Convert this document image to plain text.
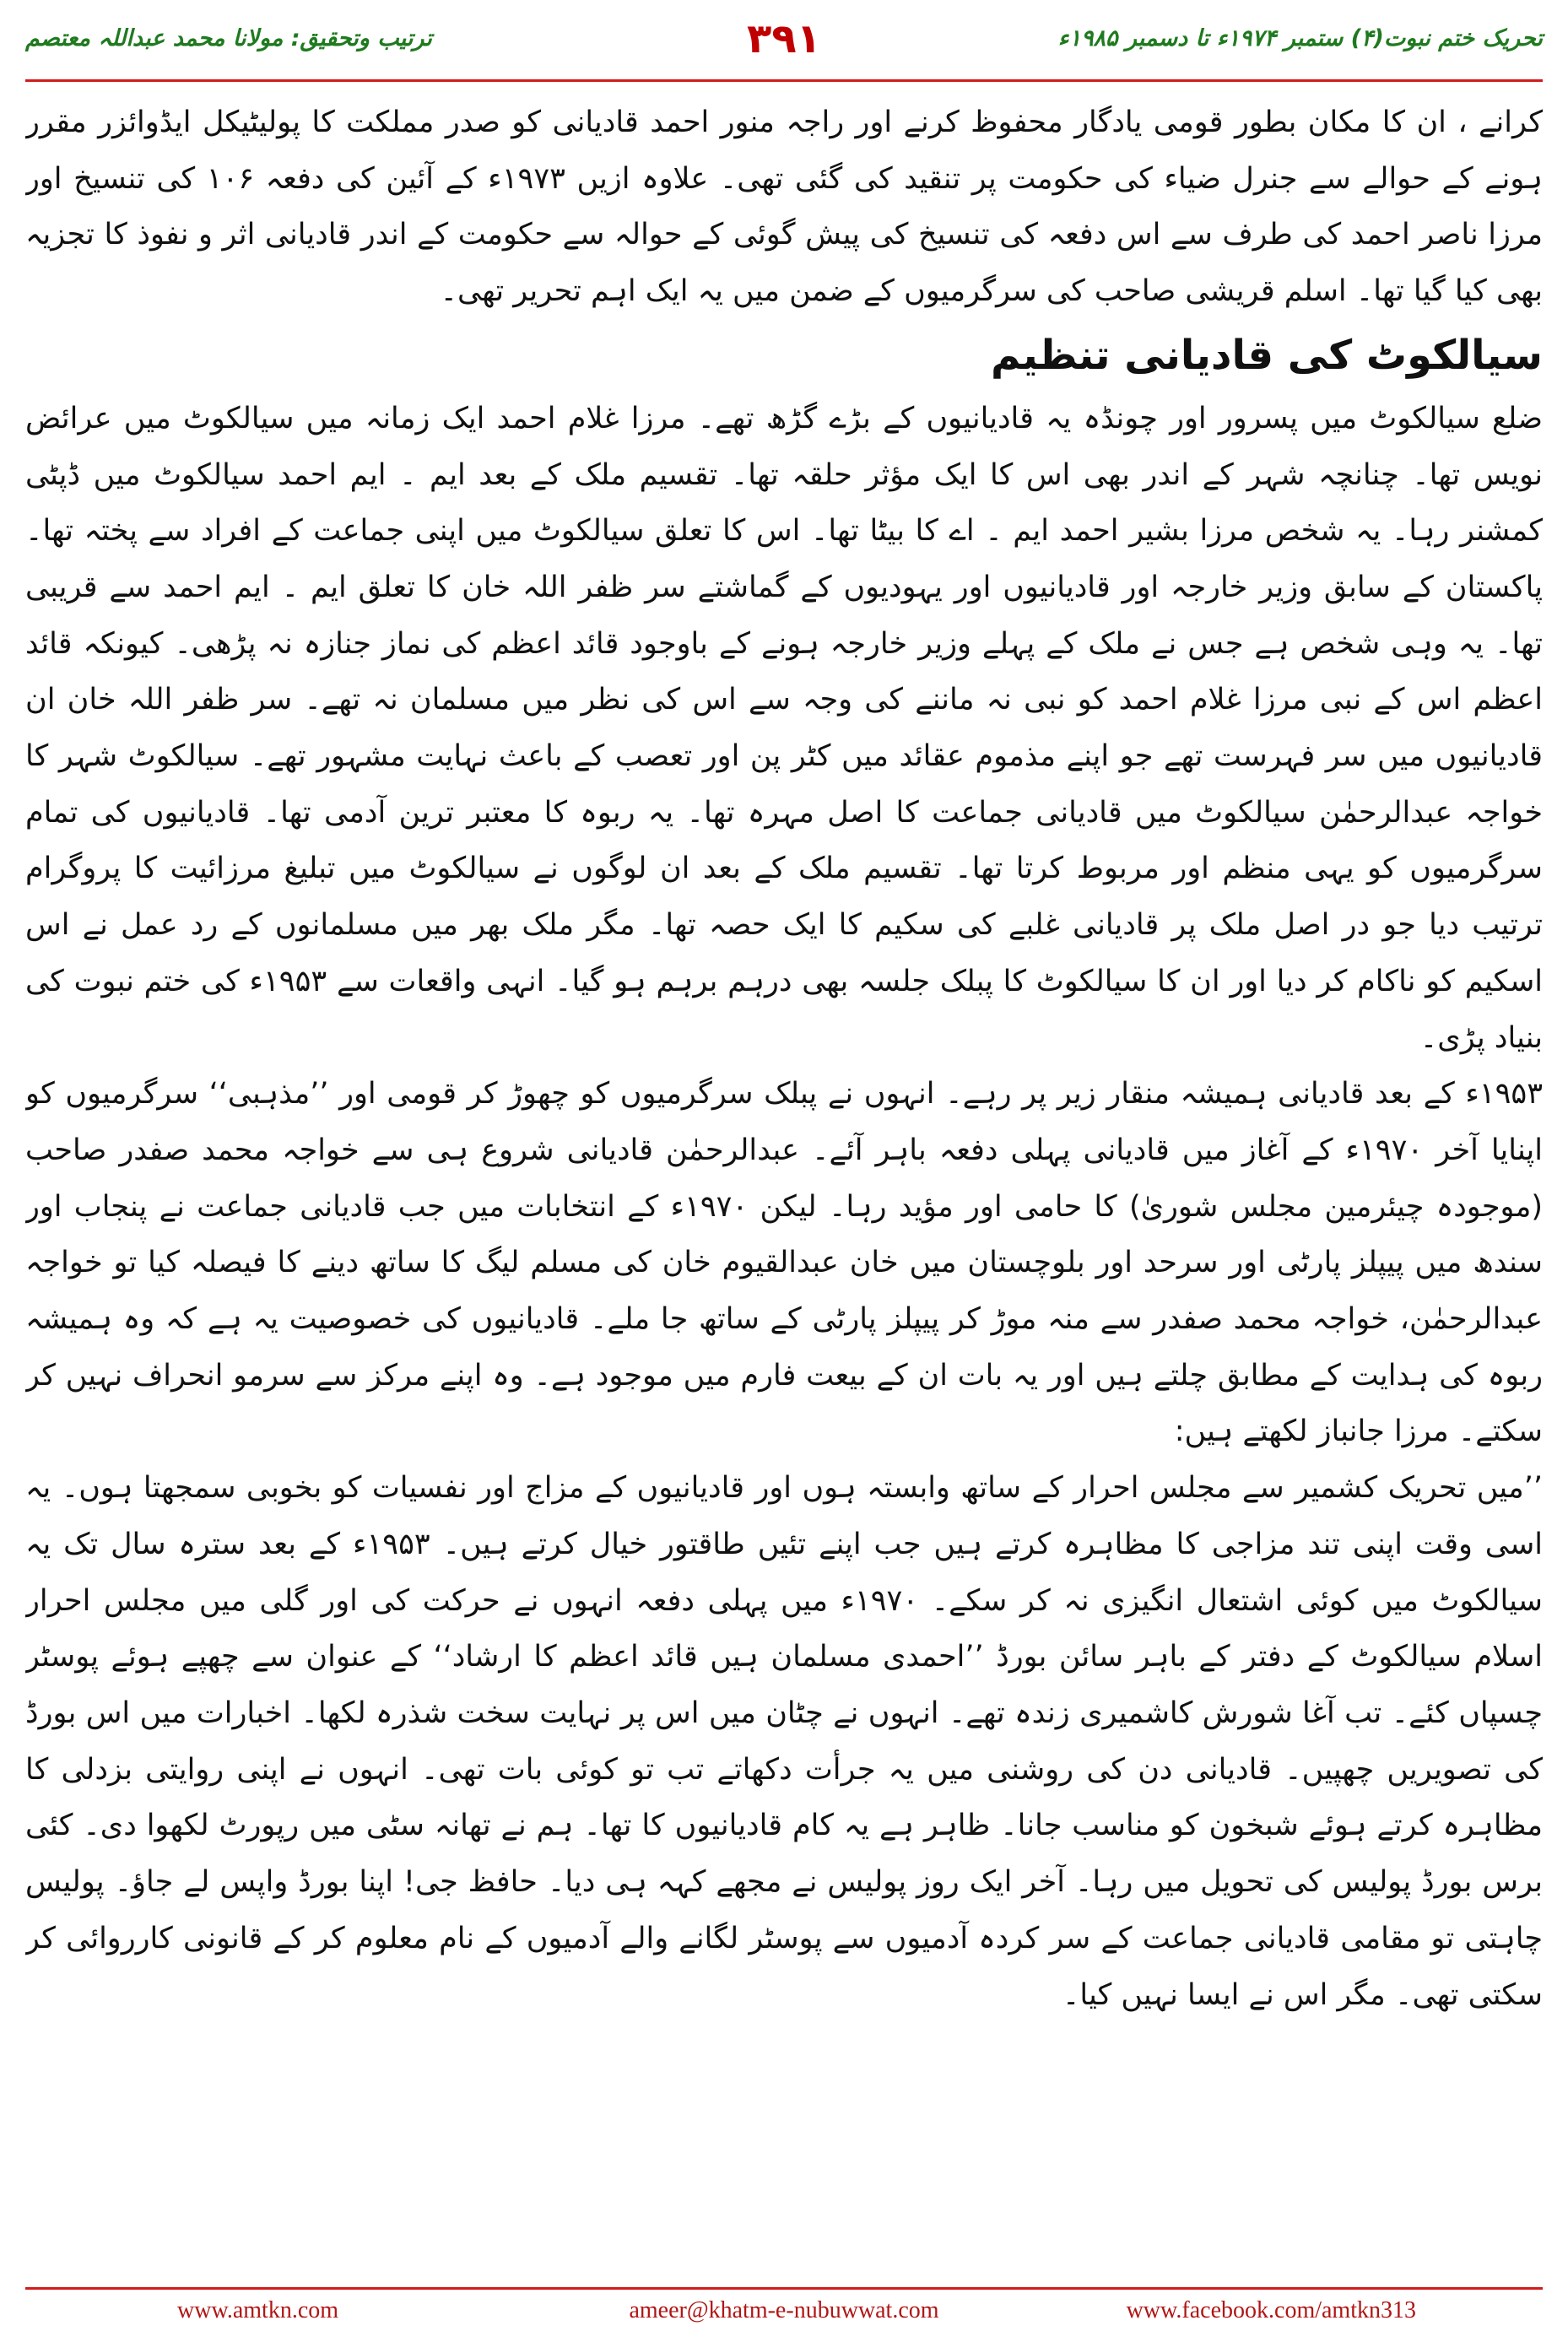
تحریک ختم نبوت(۴) ستمبر ۱۹۷۴ء تا دسمبر ۱۹۸۵ء
۳۹۱
ترتیب وتحقیق: مولانا محمد عبداللہ معتصم

کرانے ، ان کا مکان بطور قومی یادگار محفوظ کرنے اور راجہ منور احمد قادیانی کو صدر مملکت کا پولیٹیکل ایڈوائزر مقرر ہونے کے حوالے سے جنرل ضیاء کی حکومت پر تنقید کی گئی تھی۔ علاوہ ازیں ۱۹۷۳ء کے آئین کی دفعہ ۱۰۶ کی تنسیخ اور مرزا ناصر احمد کی طرف سے اس دفعہ کی تنسیخ کی پیش گوئی کے حوالہ سے حکومت کے اندر قادیانی اثر و نفوذ کا تجزیہ بھی کیا گیا تھا۔ اسلم قریشی صاحب کی سرگرمیوں کے ضمن میں یہ ایک اہم تحریر تھی۔

سیالکوٹ کی قادیانی تنظیم

ضلع سیالکوٹ میں پسرور اور چونڈہ یہ قادیانیوں کے بڑے گڑھ تھے۔ مرزا غلام احمد ایک زمانہ میں سیالکوٹ میں عرائض نویس تھا۔ چنانچہ شہر کے اندر بھی اس کا ایک مؤثر حلقہ تھا۔ تقسیم ملک کے بعد ایم ۔ ایم احمد سیالکوٹ میں ڈپٹی کمشنر رہا۔ یہ شخص مرزا بشیر احمد ایم ۔ اے کا بیٹا تھا۔ اس کا تعلق سیالکوٹ میں اپنی جماعت کے افراد سے پختہ تھا۔ پاکستان کے سابق وزیر خارجہ اور قادیانیوں اور یہودیوں کے گماشتے سر ظفر اللہ خان کا تعلق ایم ۔ ایم احمد سے قریبی تھا۔ یہ وہی شخص ہے جس نے ملک کے پہلے وزیر خارجہ ہونے کے باوجود قائد اعظم کی نماز جنازہ نہ پڑھی۔ کیونکہ قائد اعظم اس کے نبی مرزا غلام احمد کو نبی نہ ماننے کی وجہ سے اس کی نظر میں مسلمان نہ تھے۔ سر ظفر اللہ خان ان قادیانیوں میں سر فہرست تھے جو اپنے مذموم عقائد میں کٹر پن اور تعصب کے باعث نہایت مشہور تھے۔ سیالکوٹ شہر کا خواجہ عبدالرحمٰن سیالکوٹ میں قادیانی جماعت کا اصل مہرہ تھا۔ یہ ربوہ کا معتبر ترین آدمی تھا۔ قادیانیوں کی تمام سرگرمیوں کو یہی منظم اور مربوط کرتا تھا۔ تقسیم ملک کے بعد ان لوگوں نے سیالکوٹ میں تبلیغ مرزائیت کا پروگرام ترتیب دیا جو در اصل ملک پر قادیانی غلبے کی سکیم کا ایک حصہ تھا۔ مگر ملک بھر میں مسلمانوں کے رد عمل نے اس اسکیم کو ناکام کر دیا اور ان کا سیالکوٹ کا پبلک جلسہ بھی درہم برہم ہو گیا۔ انہی واقعات سے ۱۹۵۳ء کی ختم نبوت کی بنیاد پڑی۔

۱۹۵۳ء کے بعد قادیانی ہمیشہ منقار زیر پر رہے۔ انہوں نے پبلک سرگرمیوں کو چھوڑ کر قومی اور ’’مذہبی‘‘ سرگرمیوں کو اپنایا آخر ۱۹۷۰ء کے آغاز میں قادیانی پہلی دفعہ باہر آئے۔ عبدالرحمٰن قادیانی شروع ہی سے خواجہ محمد صفدر صاحب (موجودہ چیئرمین مجلس شوریٰ) کا حامی اور مؤید رہا۔ لیکن ۱۹۷۰ء کے انتخابات میں جب قادیانی جماعت نے پنجاب اور سندھ میں پیپلز پارٹی اور سرحد اور بلوچستان میں خان عبدالقیوم خان کی مسلم لیگ کا ساتھ دینے کا فیصلہ کیا تو خواجہ عبدالرحمٰن، خواجہ محمد صفدر سے منہ موڑ کر پیپلز پارٹی کے ساتھ جا ملے۔ قادیانیوں کی خصوصیت یہ ہے کہ وہ ہمیشہ ربوہ کی ہدایت کے مطابق چلتے ہیں اور یہ بات ان کے بیعت فارم میں موجود ہے۔ وہ اپنے مرکز سے سرمو انحراف نہیں کر سکتے۔ مرزا جانباز لکھتے ہیں:

’’میں تحریک کشمیر سے مجلس احرار کے ساتھ وابستہ ہوں اور قادیانیوں کے مزاج اور نفسیات کو بخوبی سمجھتا ہوں۔ یہ اسی وقت اپنی تند مزاجی کا مظاہرہ کرتے ہیں جب اپنے تئیں طاقتور خیال کرتے ہیں۔ ۱۹۵۳ء کے بعد سترہ سال تک یہ سیالکوٹ میں کوئی اشتعال انگیزی نہ کر سکے۔ ۱۹۷۰ء میں پہلی دفعہ انہوں نے حرکت کی اور گلی میں مجلس احرار اسلام سیالکوٹ کے دفتر کے باہر سائن بورڈ ’’احمدی مسلمان ہیں قائد اعظم کا ارشاد‘‘ کے عنوان سے چھپے ہوئے پوسٹر چسپاں کئے۔ تب آغا شورش کاشمیری زندہ تھے۔ انہوں نے چٹان میں اس پر نہایت سخت شذرہ لکھا۔ اخبارات میں اس بورڈ کی تصویریں چھپیں۔ قادیانی دن کی روشنی میں یہ جرأت دکھاتے تب تو کوئی بات تھی۔ انہوں نے اپنی روایتی بزدلی کا مظاہرہ کرتے ہوئے شبخون کو مناسب جانا۔ ظاہر ہے یہ کام قادیانیوں کا تھا۔ ہم نے تھانہ سٹی میں رپورٹ لکھوا دی۔ کئی برس بورڈ پولیس کی تحویل میں رہا۔ آخر ایک روز پولیس نے مجھے کہہ ہی دیا۔ حافظ جی! اپنا بورڈ واپس لے جاؤ۔ پولیس چاہتی تو مقامی قادیانی جماعت کے سر کردہ آدمیوں سے پوسٹر لگانے والے آدمیوں کے نام معلوم کر کے قانونی کارروائی کر سکتی تھی۔ مگر اس نے ایسا نہیں کیا۔

www.amtkn.com	ameer@khatm-e-nubuwwat.com	www.facebook.com/amtkn313
